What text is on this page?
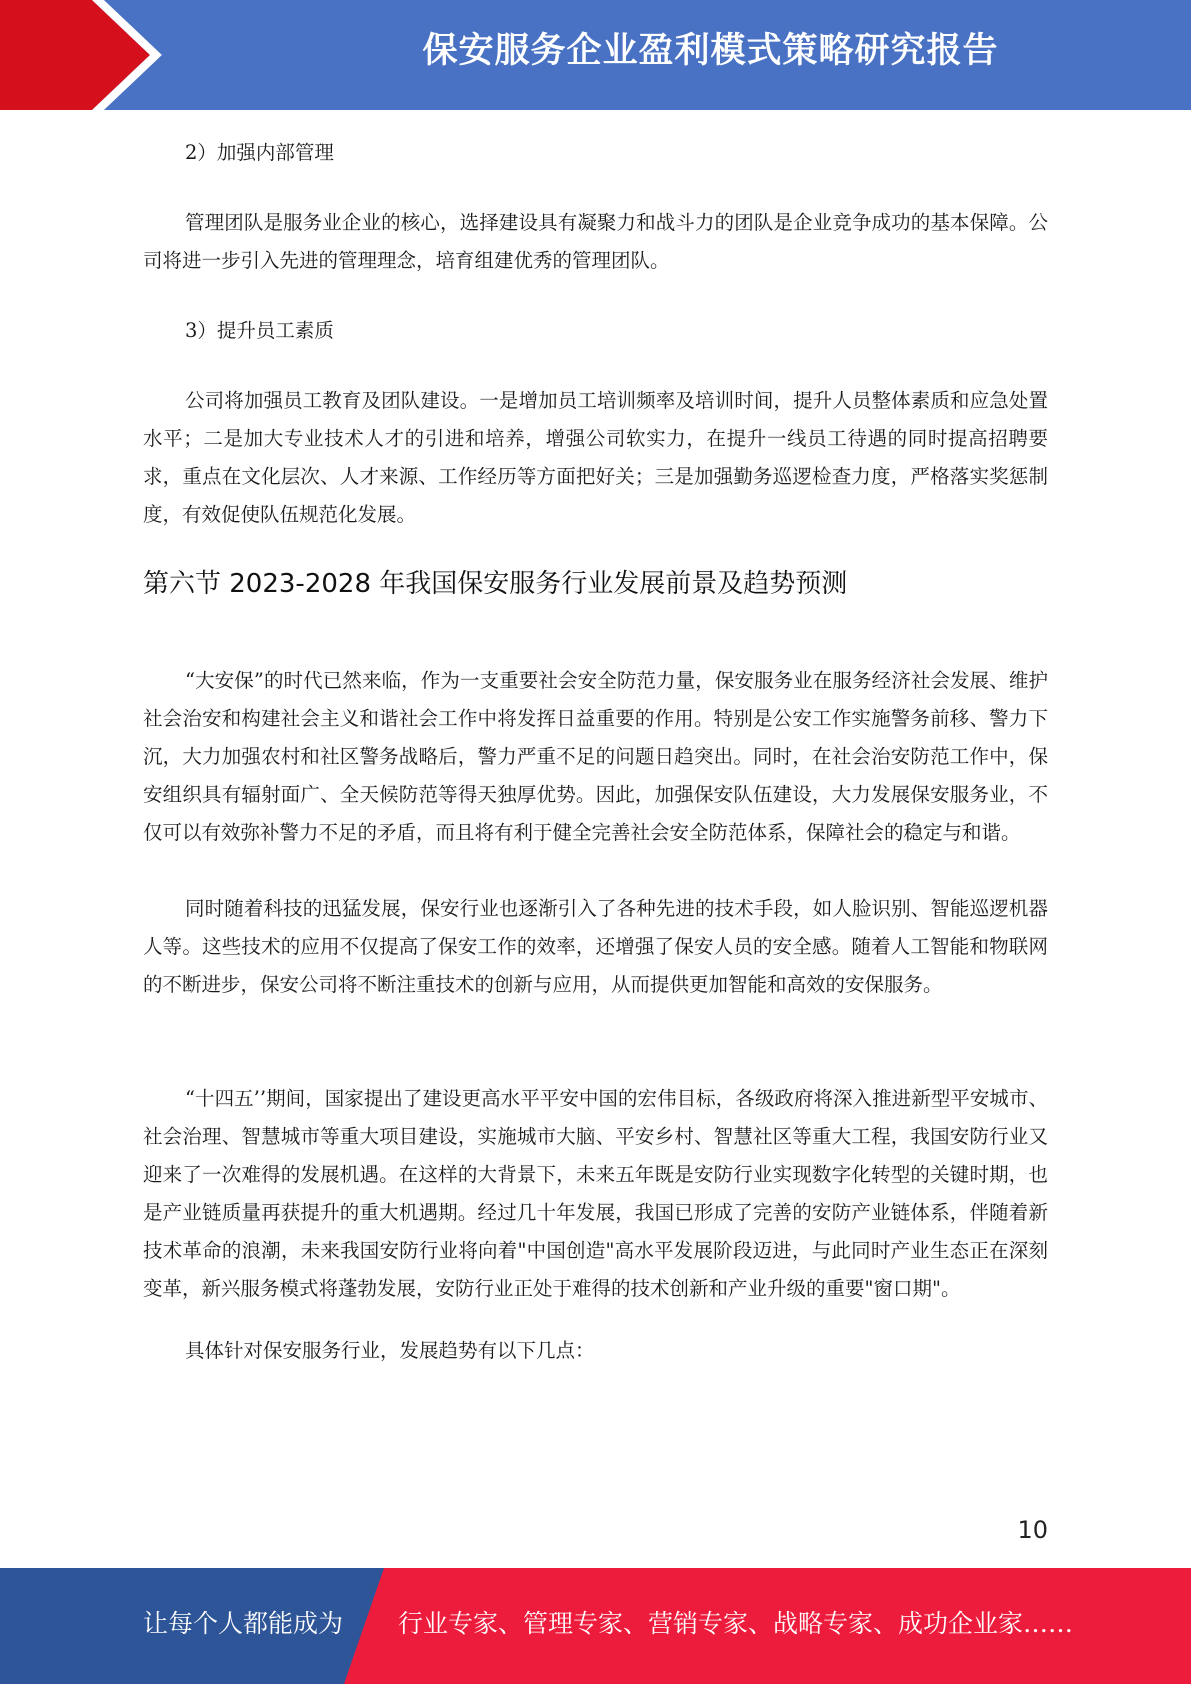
保安服务企业盈利模式策略研究报告

2）加强内部管理

管理团队是服务业企业的核心，选择建设具有凝聚力和战斗力的团队是企业竞争成功的基本保障。公司将进一步引入先进的管理理念，培育组建优秀的管理团队。

3）提升员工素质

公司将加强员工教育及团队建设。一是增加员工培训频率及培训时间，提升人员整体素质和应急处置水平；二是加大专业技术人才的引进和培养，增强公司软实力，在提升一线员工待遇的同时提高招聘要求，重点在文化层次、人才来源、工作经历等方面把好关；三是加强勤务巡逻检查力度，严格落实奖惩制度，有效促使队伍规范化发展。

第六节 2023-2028 年我国保安服务行业发展前景及趋势预测

“大安保”的时代已然来临，作为一支重要社会安全防范力量，保安服务业在服务经济社会发展、维护社会治安和构建社会主义和谐社会工作中将发挥日益重要的作用。特别是公安工作实施警务前移、警力下沉，大力加强农村和社区警务战略后，警力严重不足的问题日趋突出。同时，在社会治安防范工作中，保安组织具有辐射面广、全天候防范等得天独厚优势。因此，加强保安队伍建设，大力发展保安服务业，不仅可以有效弥补警力不足的矛盾，而且将有利于健全完善社会安全防范体系，保障社会的稳定与和谐。

同时随着科技的迅猛发展，保安行业也逐渐引入了各种先进的技术手段，如人脸识别、智能巡逻机器人等。这些技术的应用不仅提高了保安工作的效率，还增强了保安人员的安全感。随着人工智能和物联网的不断进步，保安公司将不断注重技术的创新与应用，从而提供更加智能和高效的安保服务。

“十四五’’期间，国家提出了建设更高水平平安中国的宏伟目标，各级政府将深入推进新型平安城市、社会治理、智慧城市等重大项目建设，实施城市大脑、平安乡村、智慧社区等重大工程，我国安防行业又迎来了一次难得的发展机遇。在这样的大背景下，未来五年既是安防行业实现数字化转型的关键时期，也是产业链质量再获提升的重大机遇期。经过几十年发展，我国已形成了完善的安防产业链体系，伴随着新技术革命的浪潮，未来我国安防行业将向着"中国创造"高水平发展阶段迈进，与此同时产业生态正在深刻变革，新兴服务模式将蓬勃发展，安防行业正处于难得的技术创新和产业升级的重要"窗口期"。

具体针对保安服务行业，发展趋势有以下几点：

10
让每个人都能成为 行业专家、管理专家、营销专家、战略专家、成功企业家……
